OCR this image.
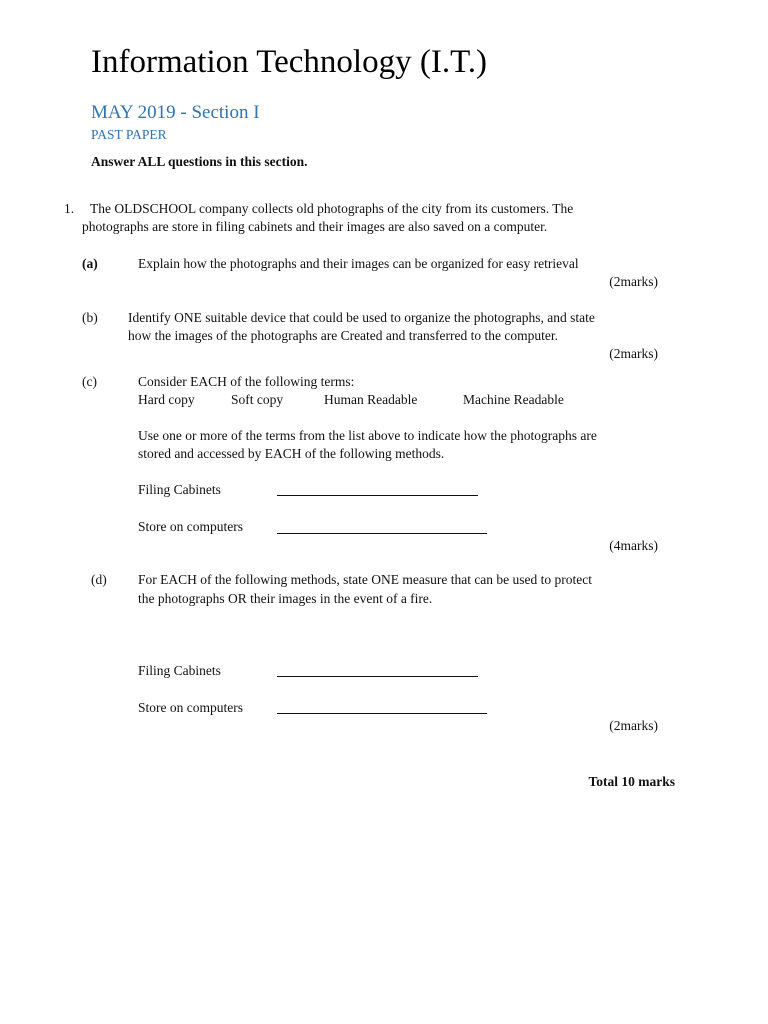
Information Technology (I.T.)
MAY 2019 - Section I
PAST PAPER
Answer ALL questions in this section.
1. The OLDSCHOOL company collects old photographs of the city from its customers. The
photographs are store in filing cabinets and their images are also saved on a computer.
(a)	Explain how the photographs and their images can be organized for easy retrieval
(2marks)
(b) Identify ONE suitable device that could be used to organize the photographs, and state
how the images of the photographs are Created and transferred to the computer.
(2marks)
(c)	Consider EACH of the following terms:
Hard copy	Soft copy	Human Readable	Machine Readable
Use one or more of the terms from the list above to indicate how the photographs are
stored and accessed by EACH of the following methods.
Filing Cabinets
Store on computers
(4marks)
(d) For EACH of the following methods, state ONE measure that can be used to protect
the photographs OR their images in the event of a fire.
Filing Cabinets
Store on computers
(2marks)
Total 10 marks
